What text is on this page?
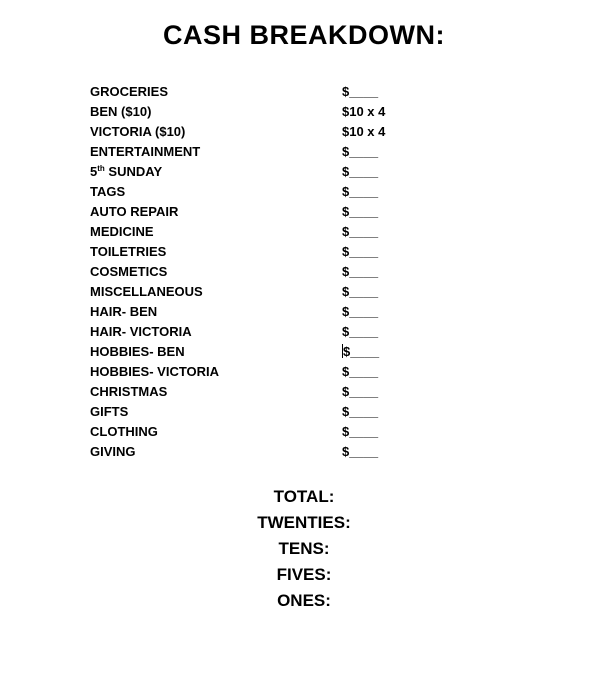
CASH BREAKDOWN:
GROCERIES	$____
BEN ($10)	$10 x 4
VICTORIA ($10)	$10 x 4
ENTERTAINMENT	$____
5th SUNDAY	$____
TAGS	$____
AUTO REPAIR	$____
MEDICINE	$____
TOILETRIES	$____
COSMETICS	$____
MISCELLANEOUS	$____
HAIR- BEN	$____
HAIR- VICTORIA	$____
HOBBIES- BEN	$____
HOBBIES- VICTORIA	$____
CHRISTMAS	$____
GIFTS	$____
CLOTHING	$____
GIVING	$____
TOTAL:
TWENTIES:
TENS:
FIVES:
ONES:
